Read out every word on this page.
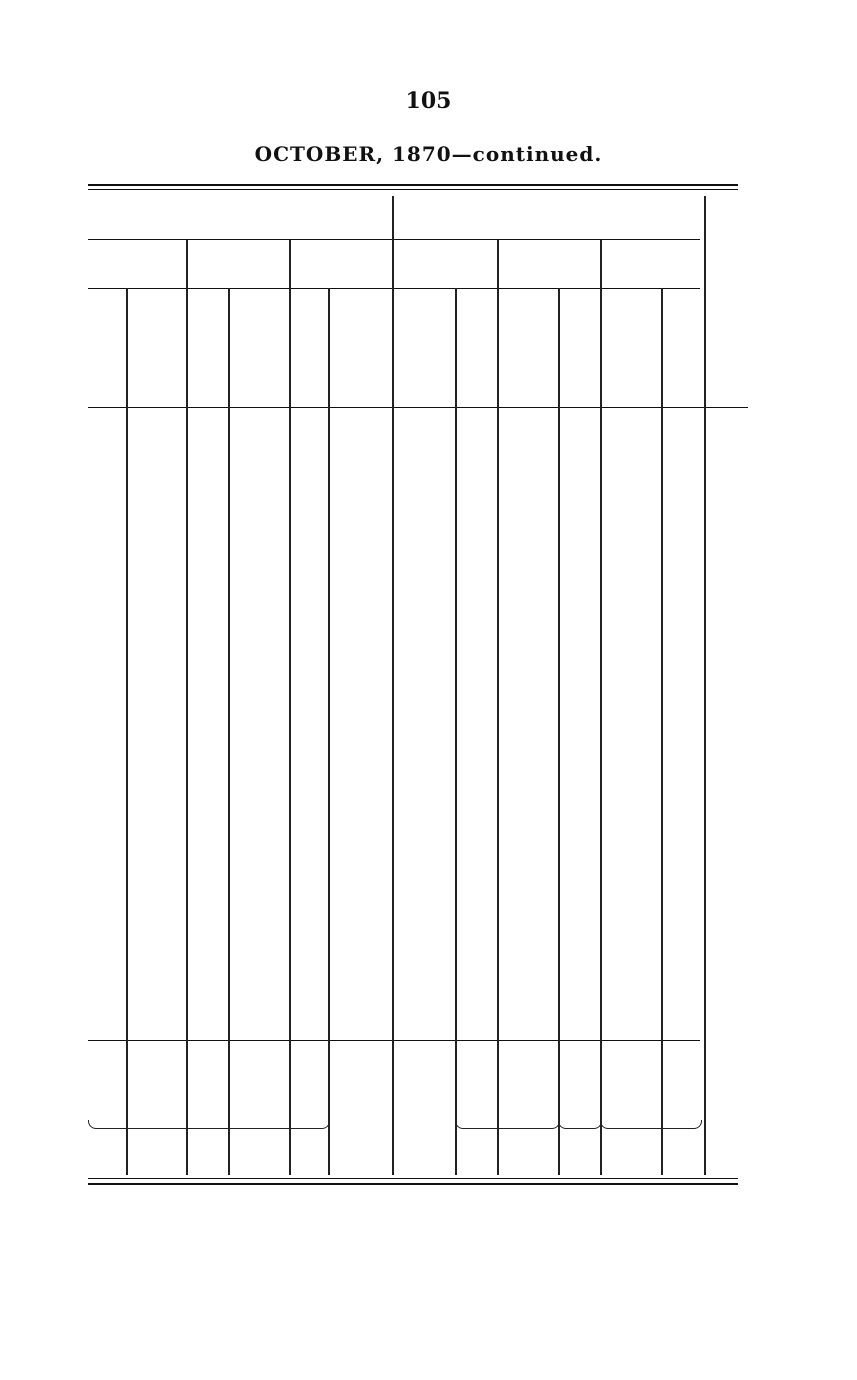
105
OCTOBER, 1870—continued.
